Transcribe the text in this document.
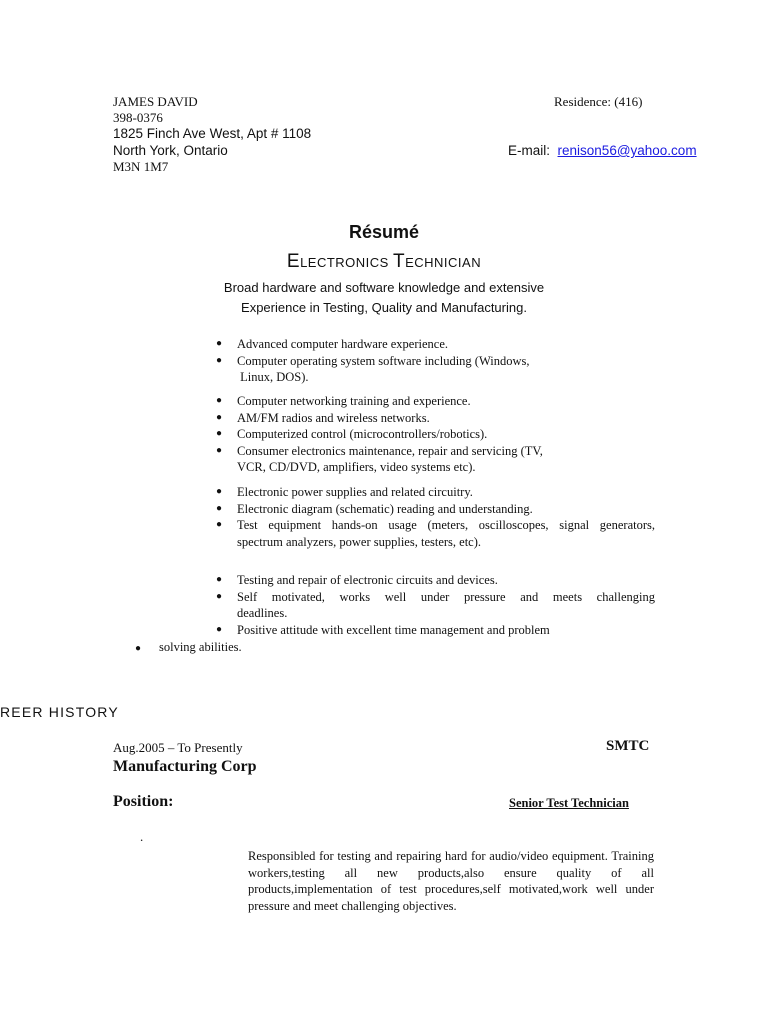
JAMES DAVID	Residence: (416)
398-0376
1825 Finch Ave West, Apt # 1108
North York, Ontario	E-mail: renison56@yahoo.com
M3N 1M7
Résumé
ELECTRONICS TECHNICIAN
Broad hardware and software knowledge and extensive
Experience in Testing, Quality and Manufacturing.
● Advanced computer hardware experience.
● Computer operating system software including (Windows,
Linux, DOS).
● Computer networking training and experience.
● AM/FM radios and wireless networks.
● Computerized control (microcontrollers/robotics).
● Consumer electronics maintenance, repair and servicing (TV,
VCR, CD/DVD, amplifiers, video systems etc).
● Electronic power supplies and related circuitry.
● Electronic diagram (schematic) reading and understanding.
● Test equipment hands-on usage (meters, oscilloscopes, signal generators,
spectrum analyzers, power supplies, testers, etc).
● Testing and repair of electronic circuits and devices.
● Self motivated, works well under pressure and meets challenging
deadlines.
● Positive attitude with excellent time management and problem
● solving abilities.
REER HISTORY
Aug.2005 – To Presently	SMTC
Manufacturing Corp
Position:	Senior Test Technician
.
Responsibled for testing and repairing hard for audio/video equipment. Training workers,testing all new products,also ensure quality of all products,implementation of test procedures,self motivated,work well under pressure and meet challenging objectives.
